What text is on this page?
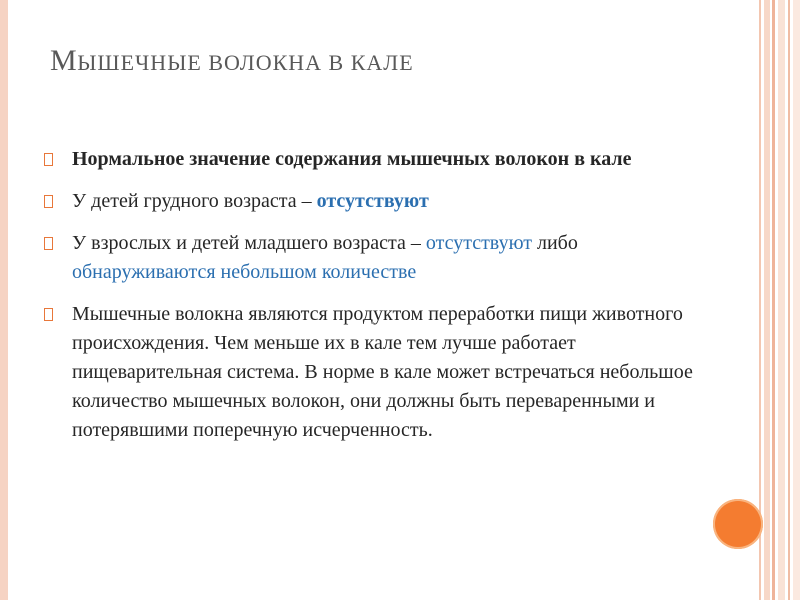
МЫШЕЧНЫЕ ВОЛОКНА В КАЛЕ
Нормальное значение содержания мышечных волокон в кале
У детей грудного возраста – отсутствуют
У взрослых и детей младшего возраста – отсутствуют либо обнаруживаются небольшом количестве
Мышечные волокна являются продуктом переработки пищи животного происхождения. Чем меньше их в кале тем лучше работает пищеварительная система. В норме в кале может встречаться небольшое количество мышечных волокон, они должны быть переваренными и потерявшими поперечную исчерченность.
